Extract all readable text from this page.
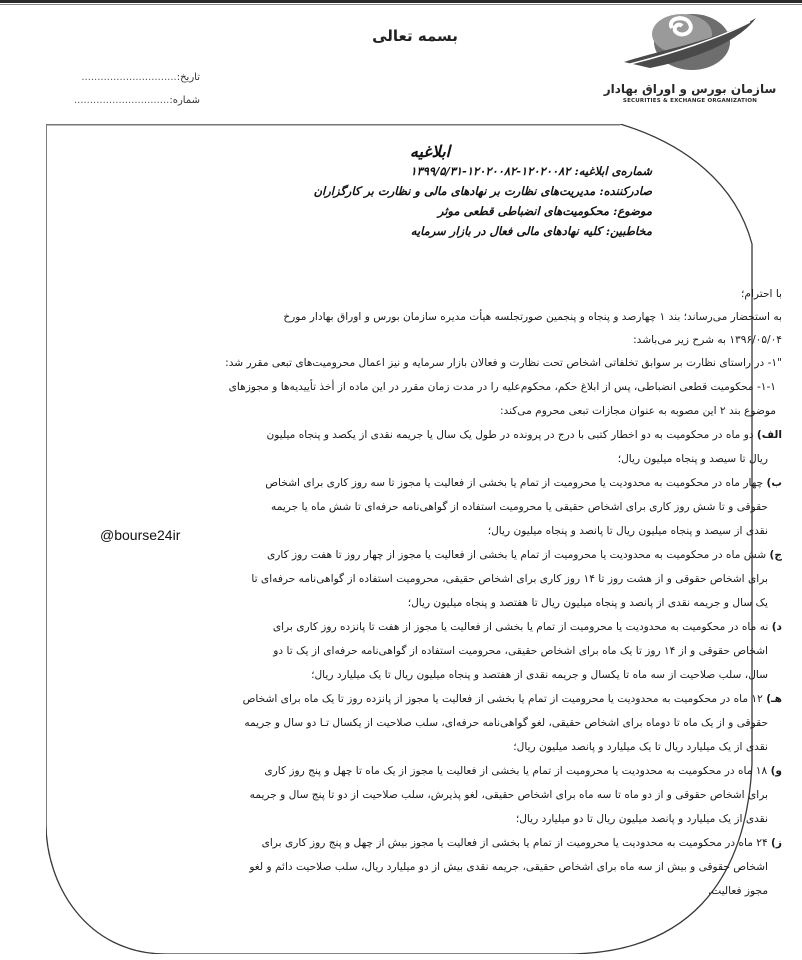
سازمان بورس و اوراق بهادار
SECURITIES & EXCHANGE ORGANIZATION
بسمه تعالی
تاریخ:..............................
شماره:..............................
ابلاغیه
شماره‌ی ابلاغیه: ۱۲۰۲۰۰۸۲-۱۲۰۲۰۰۸۲-۱۳۹۹/۵/۳۱
صادرکننده: مدیریت‌های نظارت بر نهادهای مالی و نظارت بر کارگزاران
موضوع: محکومیت‌های انضباطی قطعی موثر
مخاطبین: کلیه نهادهای مالی فعال در بازار سرمایه
با احترام؛
به استحضار می‌رساند؛ بند ۱ چهارصد و پنجاه و پنجمین صورتجلسه هیأت مدیره سازمان بورس و اوراق بهادار مورخ
۱۳۹۶/۰۵/۰۴ به شرح زیر می‌باشد:
"۱- در راستای نظارت بر سوابق تخلفاتی اشخاص تحت نظارت و فعالان بازار سرمایه و نیز اعمال محرومیت‌های تبعی مقرر شد:
۱-۱- محکومیت قطعی انضباطی، پس از ابلاغ حکم، محکوم‌علیه را در مدت زمان مقرر در این ماده از أخذ تأییدیه‌ها و مجوزهای
موضوع بند ۲ این مصوبه به عنوان مجازات تبعی محروم می‌کند:
الف) دو ماه در محکومیت به دو اخطار کتبی با درج در پرونده در طول یک سال یا جریمه نقدی از یکصد و پنجاه میلیون
ریال تا سیصد و پنجاه میلیون ریال؛
ب) چهار ماه در محکومیت به محدودیت یا محرومیت از تمام یا بخشی از فعالیت یا مجوز تا سه روز کاری برای اشخاص
حقوقی و تا شش روز کاری برای اشخاص حقیقی یا محرومیت استفاده از گواهی‌نامه حرفه‌ای تا شش ماه یا جریمه
نقدی از سیصد و پنجاه میلیون ریال تا پانصد و پنجاه میلیون ریال؛
ج) شش ماه در محکومیت به محدودیت یا محرومیت از تمام یا بخشی از فعالیت یا مجوز از چهار روز تا هفت روز کاری
برای اشخاص حقوقی و از هشت روز تا ۱۴ روز کاری برای اشخاص حقیقی، محرومیت استفاده از گواهی‌نامه حرفه‌ای تا
یک سال و جریمه نقدی از پانصد و پنجاه میلیون ریال تا هفتصد و پنجاه میلیون ریال؛
د) نه ماه در محکومیت به محدودیت یا محرومیت از تمام یا بخشی از فعالیت یا مجوز از هفت تا پانزده روز کاری برای
اشخاص حقوقی و از ۱۴ روز تا یک ماه برای اشخاص حقیقی، محرومیت استفاده از گواهی‌نامه حرفه‌ای از یک تا دو
سال، سلب صلاحیت از سه ماه تا یکسال و جریمه نقدی از هفتصد و پنجاه میلیون ریال تا یک میلیارد ریال؛
هـ) ۱۲ ماه در محکومیت به محدودیت یا محرومیت از تمام یا بخشی از فعالیت یا مجوز از پانزده روز تا یک ماه برای اشخاص
حقوقی و از یک ماه تا دوماه برای اشخاص حقیقی، لغو گواهی‌نامه حرفه‌ای، سلب صلاحیت از یکسال تـا دو سال و جریمه
نقدی از یک میلیارد ریال تا یک میلیارد و پانصد میلیون ریال؛
و) ۱۸ ماه در محکومیت به محدودیت یا محرومیت از تمام یا بخشی از فعالیت یا مجوز از یک ماه تا چهل و پنج روز کاری
برای اشخاص حقوقی و از دو ماه تا سه ماه برای اشخاص حقیقی، لغو پذیرش، سلب صلاحیت از دو تا پنج سال و جریمه
نقدی از یک میلیارد و پانصد میلیون ریال تا دو میلیارد ریال؛
ز) ۲۴ ماه در محکومیت به محدودیت یا محرومیت از تمام یا بخشی از فعالیت یا مجوز بیش از چهل و پنج روز کاری برای
اشخاص حقوقی و بیش از سه ماه برای اشخاص حقیقی، جریمه نقدی بیش از دو میلیارد ریال، سلب صلاحیت دائم و لغو
مجوز فعالیت.
@bourse24ir
